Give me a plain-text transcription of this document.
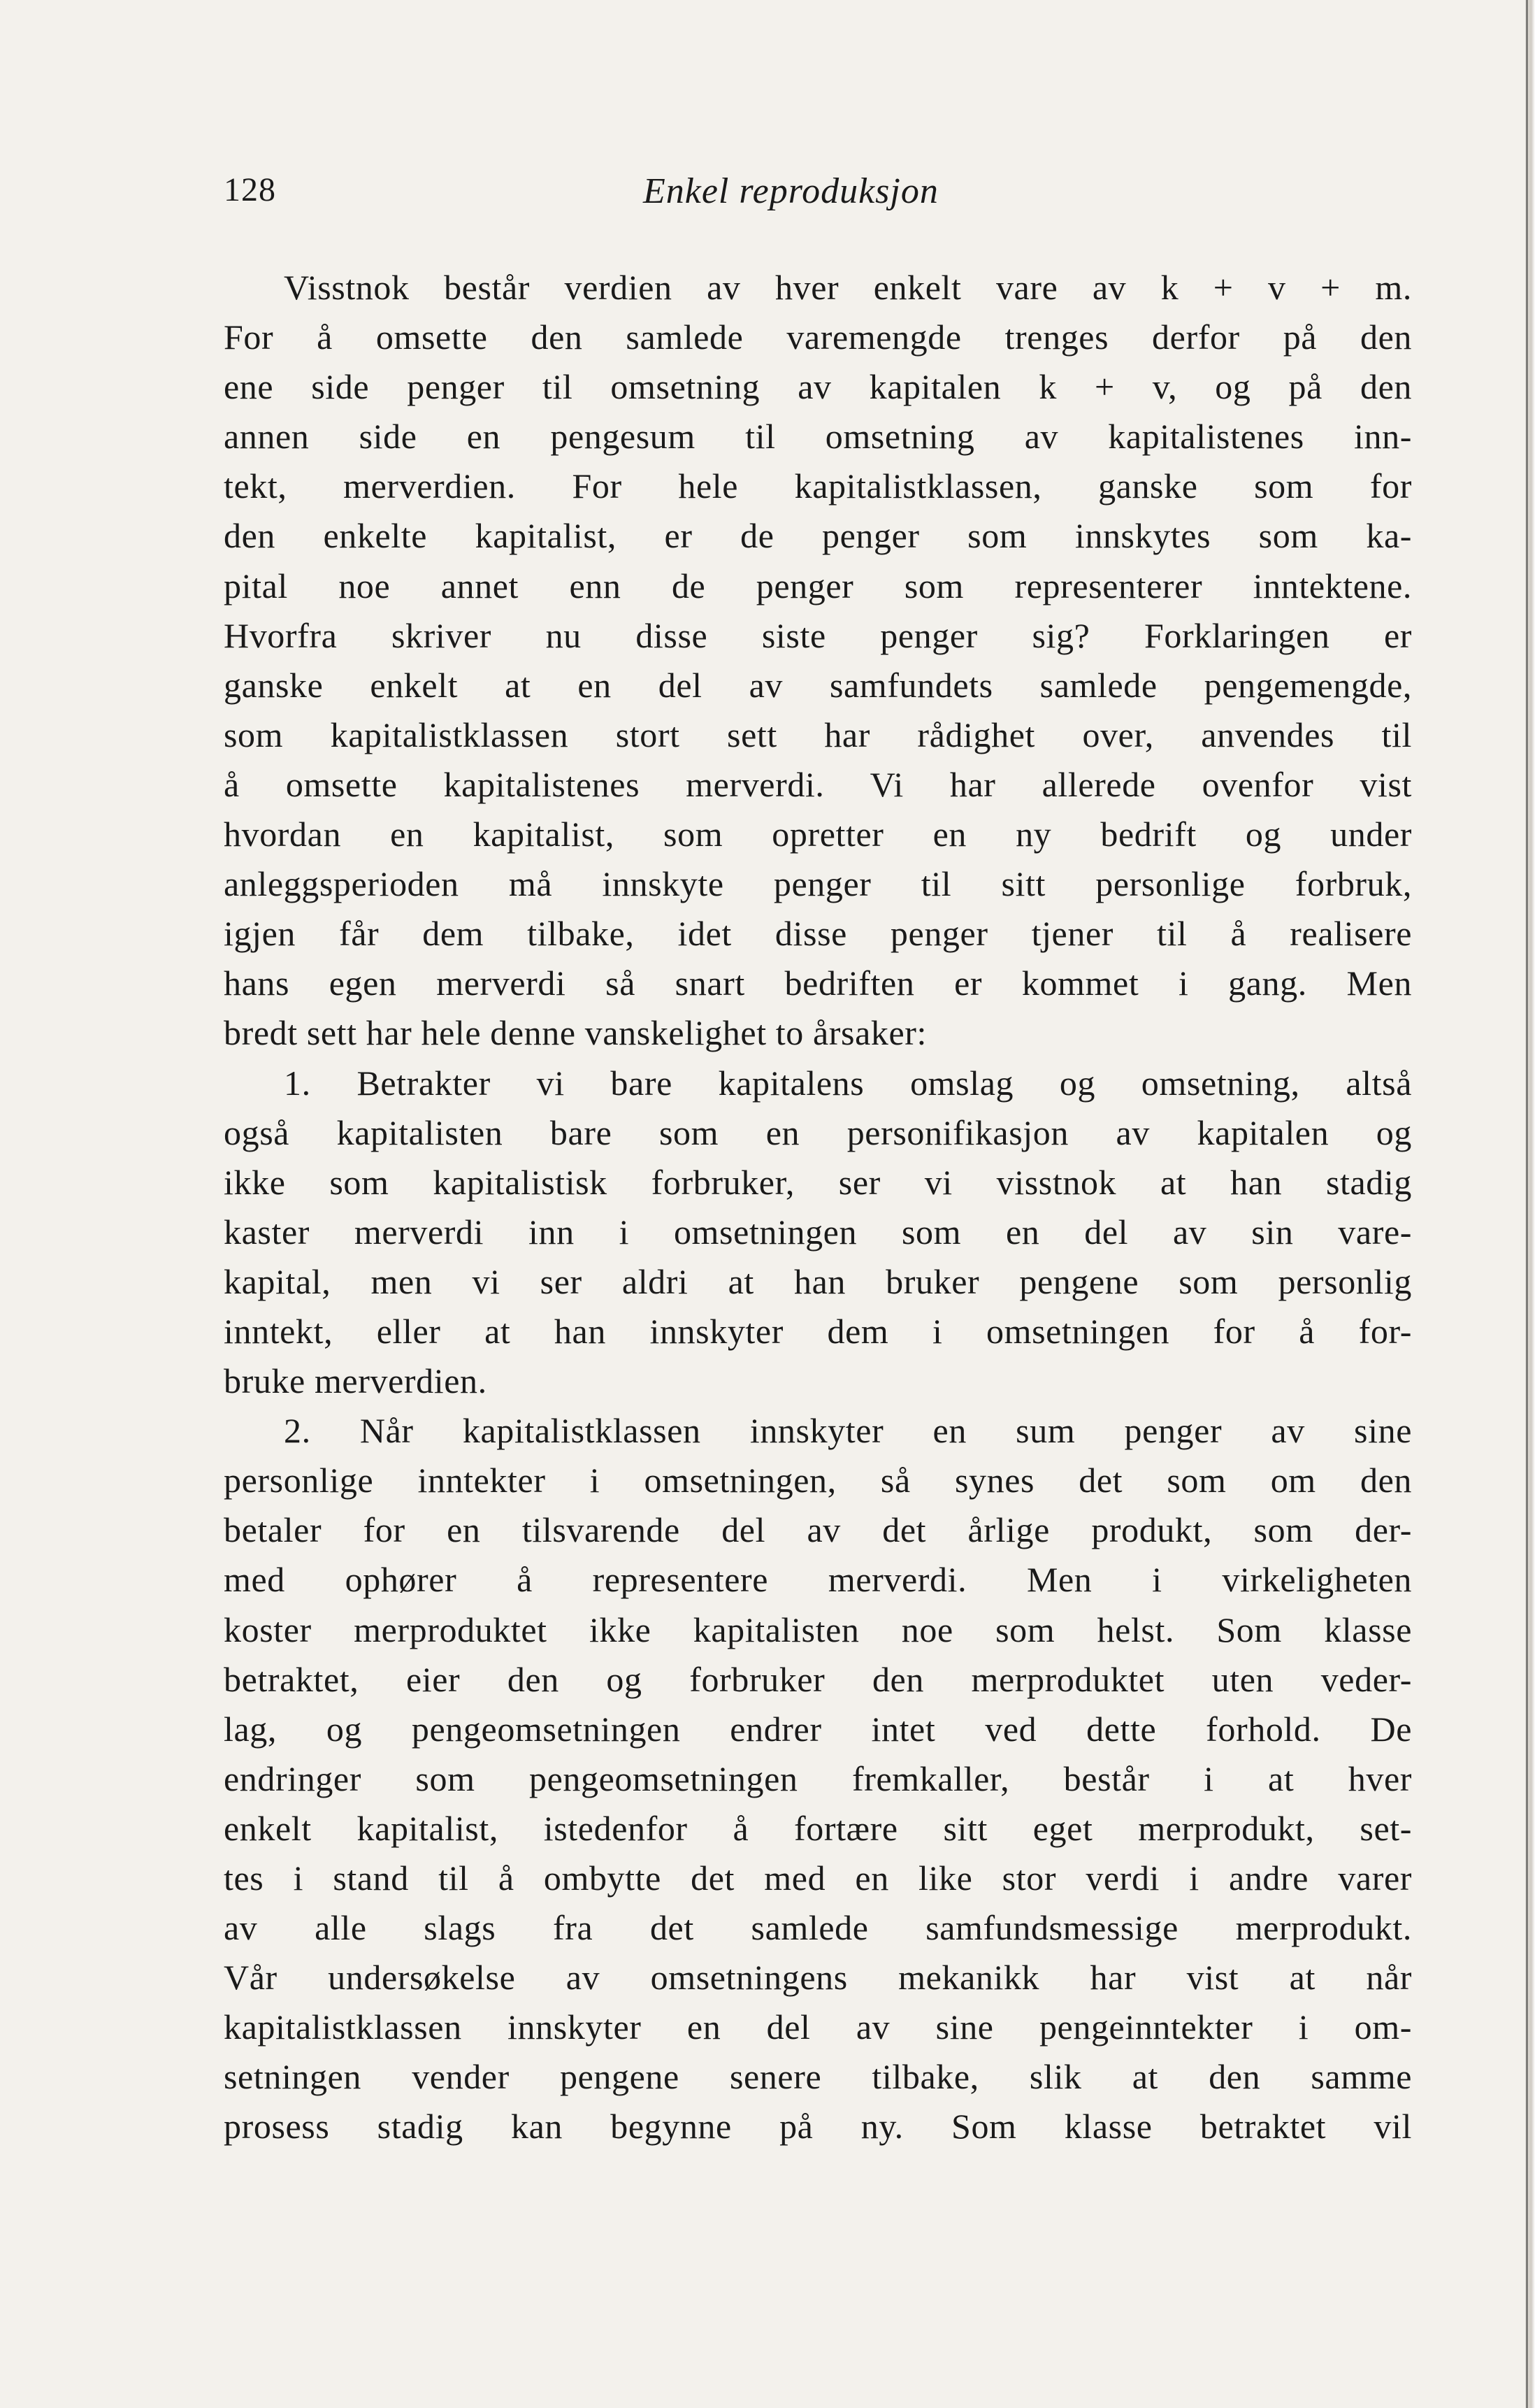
128	Enkel reproduksjon
Visstnok består verdien av hver enkelt vare av k + v + m.
For å omsette den samlede varemengde trenges derfor på den
ene side penger til omsetning av kapitalen k + v, og på den
annen side en pengesum til omsetning av kapitalistenes inn-
tekt, merverdien. For hele kapitalistklassen, ganske som for
den enkelte kapitalist, er de penger som innskytes som ka-
pital noe annet enn de penger som representerer inntektene.
Hvorfra skriver nu disse siste penger sig? Forklaringen er
ganske enkelt at en del av samfundets samlede pengemengde,
som kapitalistklassen stort sett har rådighet over, anvendes til
å omsette kapitalistenes merverdi. Vi har allerede ovenfor vist
hvordan en kapitalist, som opretter en ny bedrift og under
anleggsperioden må innskyte penger til sitt personlige forbruk,
igjen får dem tilbake, idet disse penger tjener til å realisere
hans egen merverdi så snart bedriften er kommet i gang. Men
bredt sett har hele denne vanskelighet to årsaker:
1. Betrakter vi bare kapitalens omslag og omsetning, altså
også kapitalisten bare som en personifikasjon av kapitalen og
ikke som kapitalistisk forbruker, ser vi visstnok at han stadig
kaster merverdi inn i omsetningen som en del av sin vare-
kapital, men vi ser aldri at han bruker pengene som personlig
inntekt, eller at han innskyter dem i omsetningen for å for-
bruke merverdien.
2. Når kapitalistklassen innskyter en sum penger av sine
personlige inntekter i omsetningen, så synes det som om den
betaler for en tilsvarende del av det årlige produkt, som der-
med ophører å representere merverdi. Men i virkeligheten
koster merproduktet ikke kapitalisten noe som helst. Som klasse
betraktet, eier den og forbruker den merproduktet uten veder-
lag, og pengeomsetningen endrer intet ved dette forhold. De
endringer som pengeomsetningen fremkaller, består i at hver
enkelt kapitalist, istedenfor å fortære sitt eget merprodukt, set-
tes i stand til å ombytte det med en like stor verdi i andre varer
av alle slags fra det samlede samfundsmessige merprodukt.
Vår undersøkelse av omsetningens mekanikk har vist at når
kapitalistklassen innskyter en del av sine pengeinntekter i om-
setningen vender pengene senere tilbake, slik at den samme
prosess stadig kan begynne på ny. Som klasse betraktet vil
